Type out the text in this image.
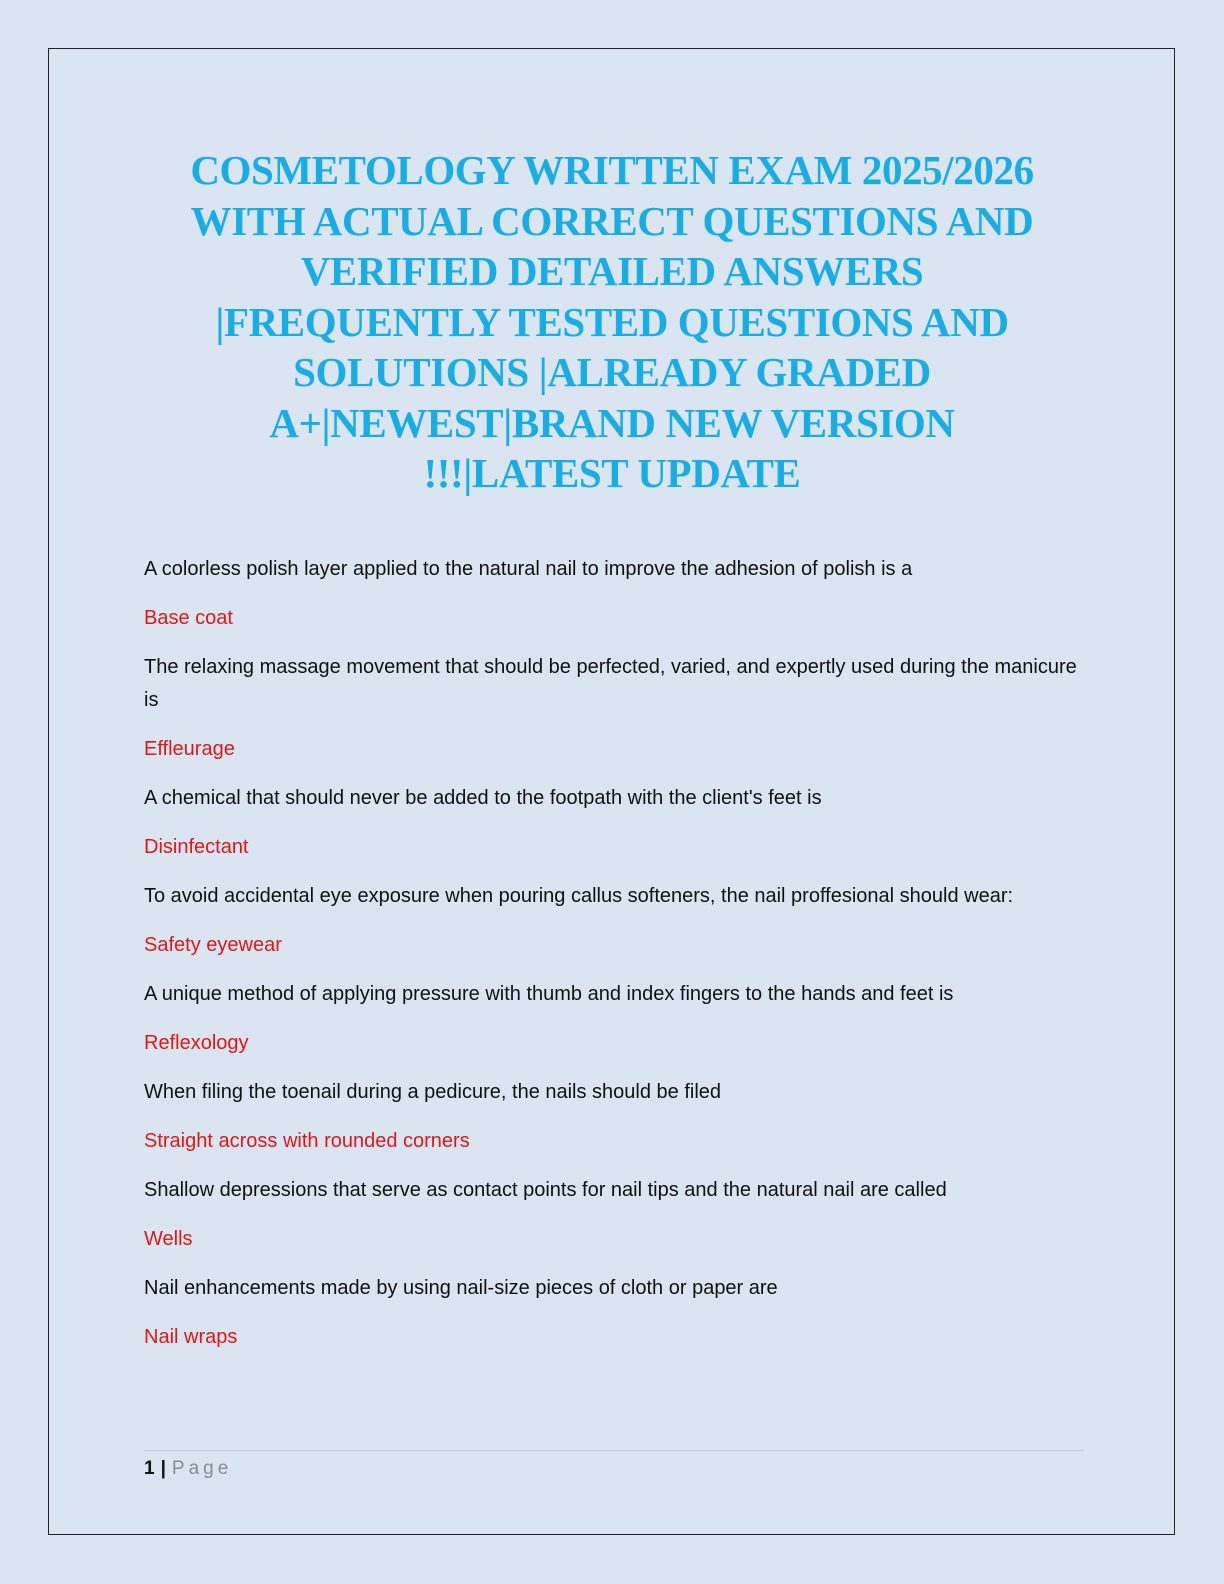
COSMETOLOGY WRITTEN EXAM 2025/2026
WITH ACTUAL CORRECT QUESTIONS AND
VERIFIED DETAILED ANSWERS
|FREQUENTLY TESTED QUESTIONS AND
SOLUTIONS |ALREADY GRADED
A+|NEWEST|BRAND NEW VERSION
!!!|LATEST UPDATE

A colorless polish layer applied to the natural nail to improve the adhesion of polish is a

Base coat

The relaxing massage movement that should be perfected, varied, and expertly used during the manicure is

Effleurage

A chemical that should never be added to the footpath with the client's feet is

Disinfectant

To avoid accidental eye exposure when pouring callus softeners, the nail proffesional should wear:

Safety eyewear

A unique method of applying pressure with thumb and index fingers to the hands and feet is

Reflexology

When filing the toenail during a pedicure, the nails should be filed

Straight across with rounded corners

Shallow depressions that serve as contact points for nail tips and the natural nail are called

Wells

Nail enhancements made by using nail-size pieces of cloth or paper are

Nail wraps

1 | Page
